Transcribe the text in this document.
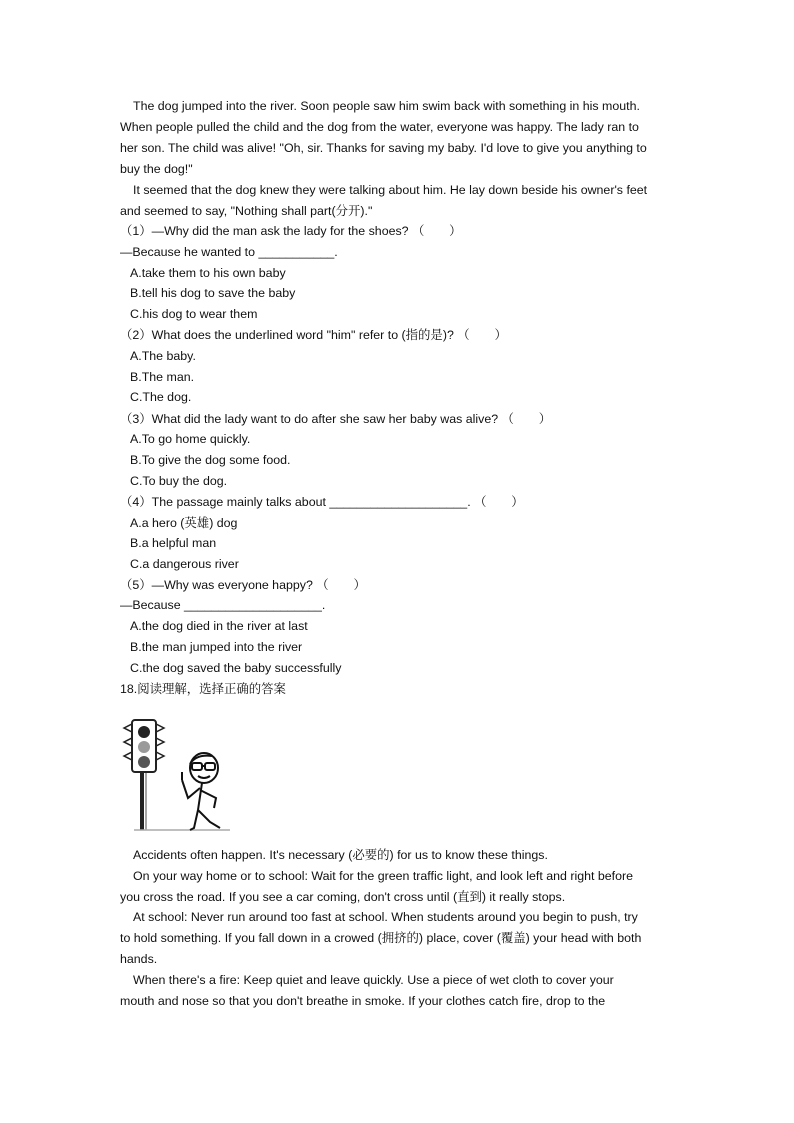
The dog jumped into the river. Soon people saw him swim back with something in his mouth.
When people pulled the child and the dog from the water, everyone was happy. The lady ran to
her son. The child was alive! "Oh, sir. Thanks for saving my baby. I'd love to give you anything to
buy the dog!"
It seemed that the dog knew they were talking about him. He lay down beside his owner's feet
and seemed to say, "Nothing shall part(分开)."
（1）—Why did the man ask the lady for the shoes? （　　）
—Because he wanted to ___________.
A.take them to his own baby
B.tell his dog to save the baby
C.his dog to wear them
（2）What does the underlined word "him" refer to (指的是)? （　　）
A.The baby.
B.The man.
C.The dog.
（3）What did the lady want to do after she saw her baby was alive? （　　）
A.To go home quickly.
B.To give the dog some food.
C.To buy the dog.
（4）The passage mainly talks about ____________________. （　　）
A.a hero (英雄) dog
B.a helpful man
C.a dangerous river
（5）—Why was everyone happy? （　　）
—Because ____________________.
A.the dog died in the river at last
B.the man jumped into the river
C.the dog saved the baby successfully
18.阅读理解，选择正确的答案
Accidents often happen. It's necessary (必要的) for us to know these things.
On your way home or to school: Wait for the green traffic light, and look left and right before
you cross the road. If you see a car coming, don't cross until (直到) it really stops.
At school: Never run around too fast at school. When students around you begin to push, try
to hold something. If you fall down in a crowed (拥挤的) place, cover (覆盖) your head with both
hands.
When there's a fire: Keep quiet and leave quickly. Use a piece of wet cloth to cover your
mouth and nose so that you don't breathe in smoke. If your clothes catch fire, drop to the
